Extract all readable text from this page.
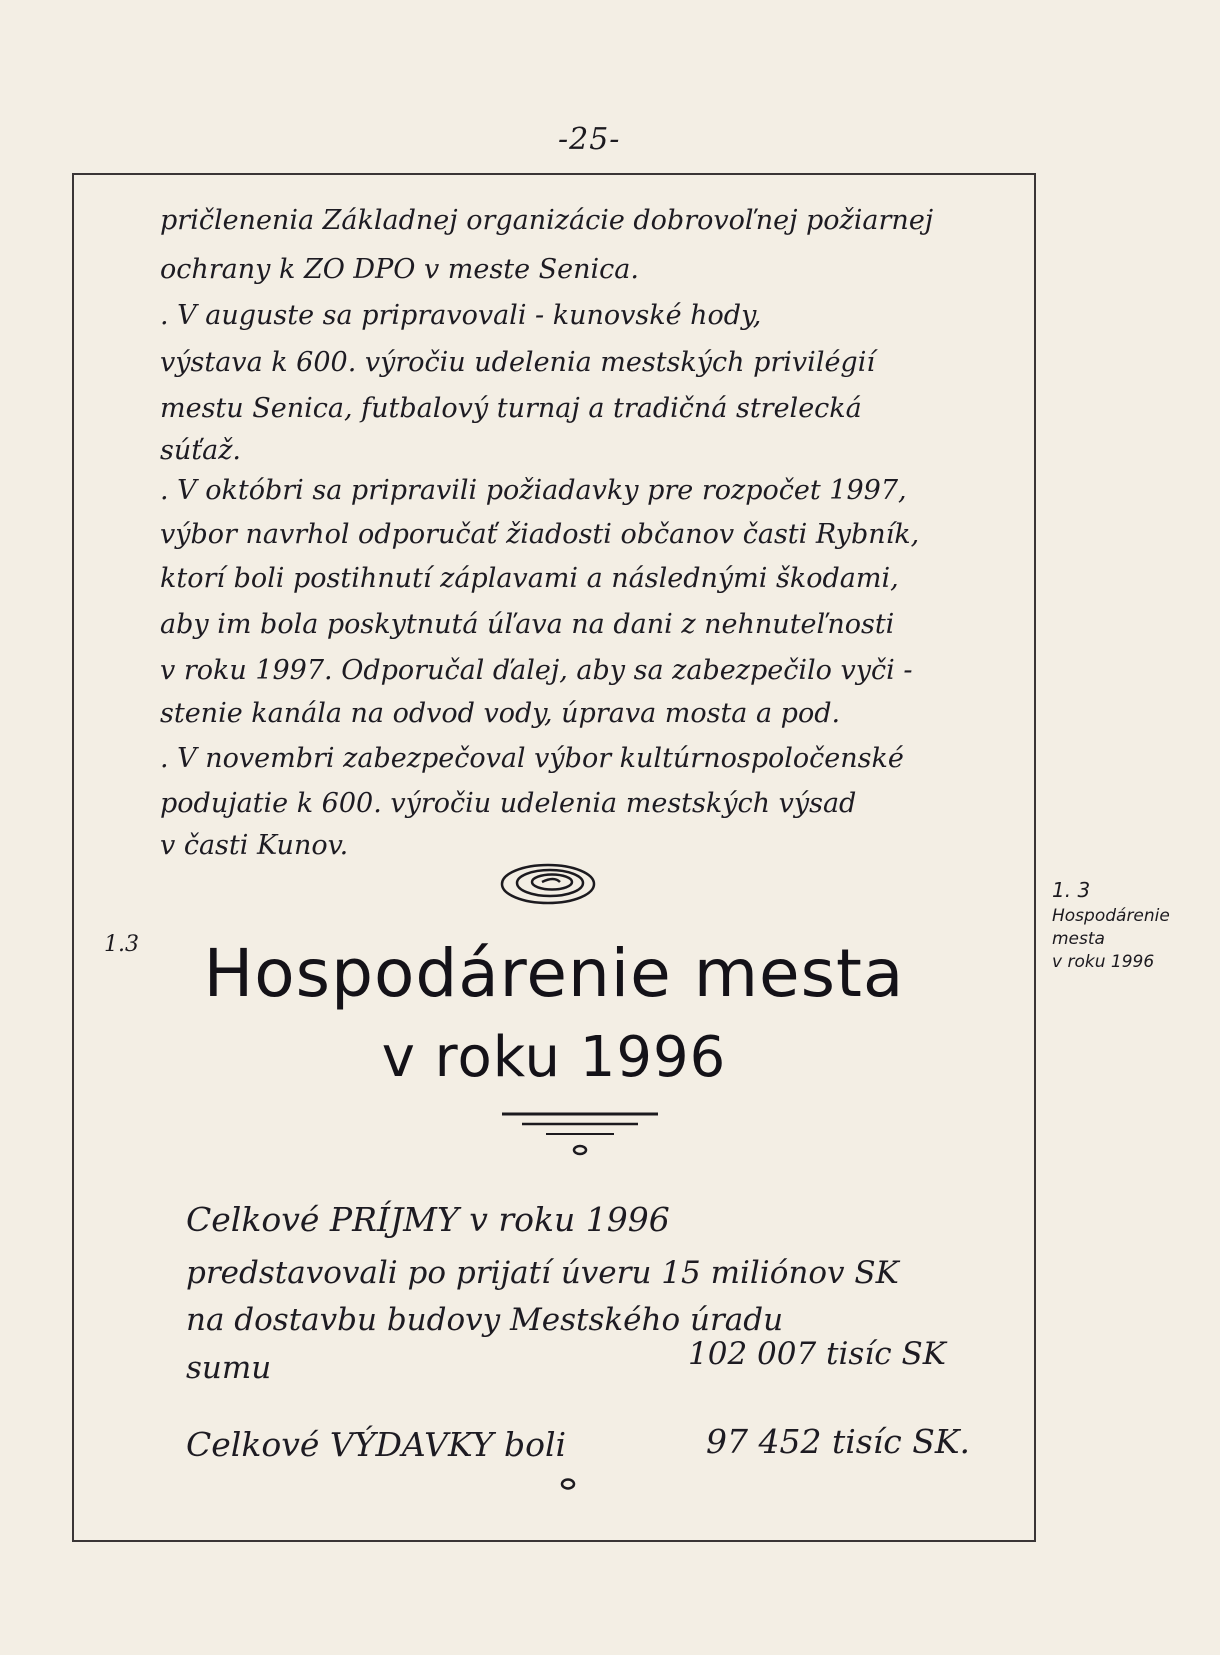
-25-
pričlenenia Základnej organizácie dobrovoľnej požiarnej
ochrany k ZO DPO v meste Senica.
. V auguste sa pripravovali - kunovské hody,
výstava k 600. výročiu udelenia mestských privilégií
mestu Senica, futbalový turnaj a tradičná strelecká
súťaž.
. V októbri sa pripravili požiadavky pre rozpočet 1997,
výbor navrhol odporučať žiadosti občanov časti Rybník,
ktorí boli postihnutí záplavami a následnými škodami,
aby im bola poskytnutá úľava na dani z nehnuteľnosti
v roku 1997. Odporučal ďalej, aby sa zabezpečilo vyči -
stenie kanála na odvod vody, úprava mosta a pod.
. V novembri zabezpečoval výbor kultúrnospoločenské
podujatie k 600. výročiu udelenia mestských výsad
v časti Kunov.
1.3 Hospodárenie mesta
v roku 1996
1. 3
Hospodárenie
mesta
v roku 1996
Celkové PRÍJMY v roku 1996
predstavovali po prijatí úveru 15 miliónov SK
na dostavbu budovy Mestského úradu
sumu	102 007 tisíc SK
Celkové VÝDAVKY boli	97 452 tisíc SK.
